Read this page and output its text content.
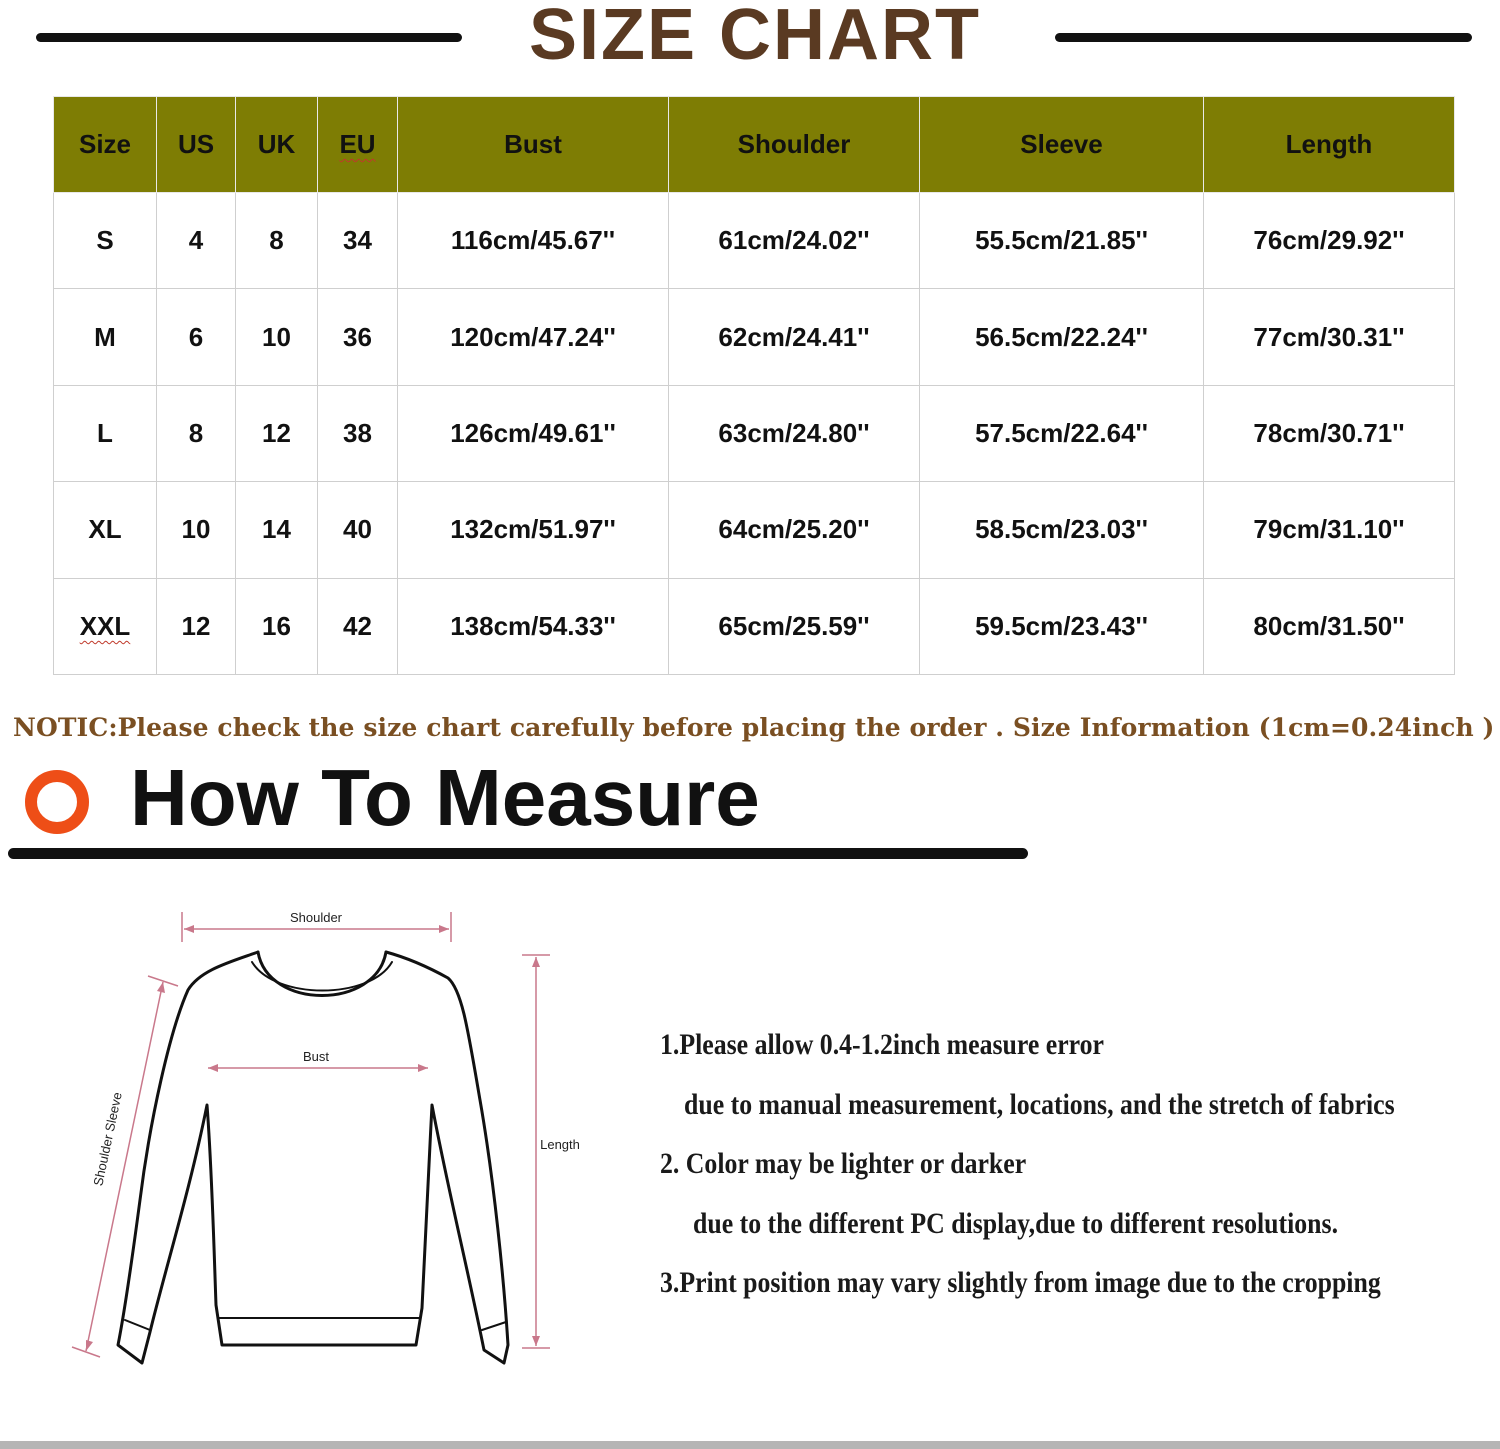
SIZE CHART
Size	US	UK	EU	Bust	Shoulder	Sleeve	Length
S	4	8	34	116cm/45.67''	61cm/24.02''	55.5cm/21.85''	76cm/29.92''
M	6	10	36	120cm/47.24''	62cm/24.41''	56.5cm/22.24''	77cm/30.31''
L	8	12	38	126cm/49.61''	63cm/24.80''	57.5cm/22.64''	78cm/30.71''
XL	10	14	40	132cm/51.97''	64cm/25.20''	58.5cm/23.03''	79cm/31.10''
XXL	12	16	42	138cm/54.33''	65cm/25.59''	59.5cm/23.43''	80cm/31.50''
NOTIC:Please check the size chart carefully before placing the order . Size Information (1cm=0.24inch )
How To Measure
Shoulder
Bust
Length
Shoulder Sleeve
1.Please allow 0.4-1.2inch measure error
due to manual measurement, locations, and the stretch of fabrics
2. Color may be lighter or darker
due to the different PC display,due to different resolutions.
3.Print position may vary slightly from image due to the cropping
